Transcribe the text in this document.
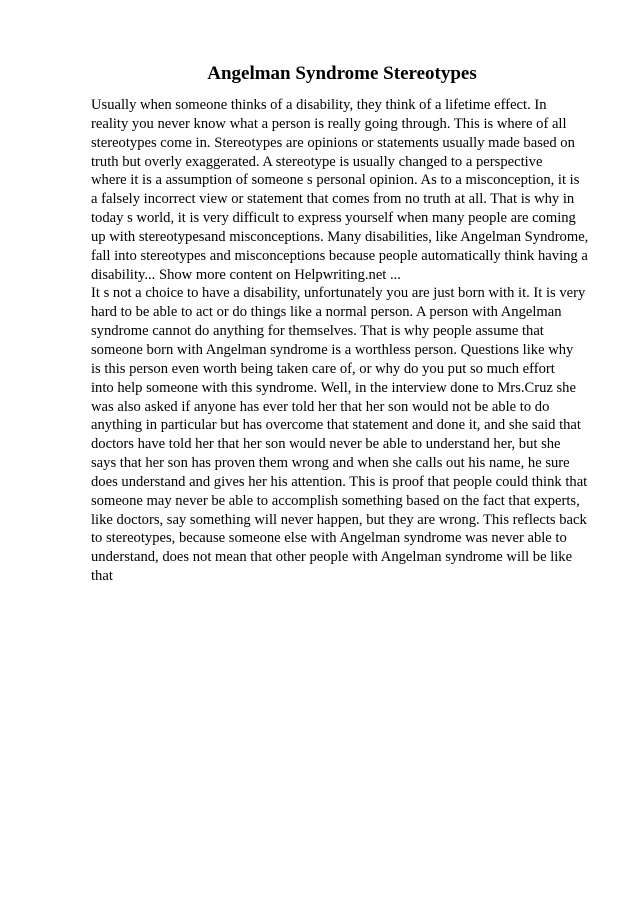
Angelman Syndrome Stereotypes
Usually when someone thinks of a disability, they think of a lifetime effect. In
reality you never know what a person is really going through. This is where of all
stereotypes come in. Stereotypes are opinions or statements usually made based on
truth but overly exaggerated. A stereotype is usually changed to a perspective
where it is a assumption of someone s personal opinion. As to a misconception, it is
a falsely incorrect view or statement that comes from no truth at all. That is why in
today s world, it is very difficult to express yourself when many people are coming
up with stereotypesand misconceptions. Many disabilities, like Angelman Syndrome,
fall into stereotypes and misconceptions because people automatically think having a
disability... Show more content on Helpwriting.net ...
It s not a choice to have a disability, unfortunately you are just born with it. It is very
hard to be able to act or do things like a normal person. A person with Angelman
syndrome cannot do anything for themselves. That is why people assume that
someone born with Angelman syndrome is a worthless person. Questions like why
is this person even worth being taken care of, or why do you put so much effort
into help someone with this syndrome. Well, in the interview done to Mrs.Cruz she
was also asked if anyone has ever told her that her son would not be able to do
anything in particular but has overcome that statement and done it, and she said that
doctors have told her that her son would never be able to understand her, but she
says that her son has proven them wrong and when she calls out his name, he sure
does understand and gives her his attention. This is proof that people could think that
someone may never be able to accomplish something based on the fact that experts,
like doctors, say something will never happen, but they are wrong. This reflects back
to stereotypes, because someone else with Angelman syndrome was never able to
understand, does not mean that other people with Angelman syndrome will be like
that
